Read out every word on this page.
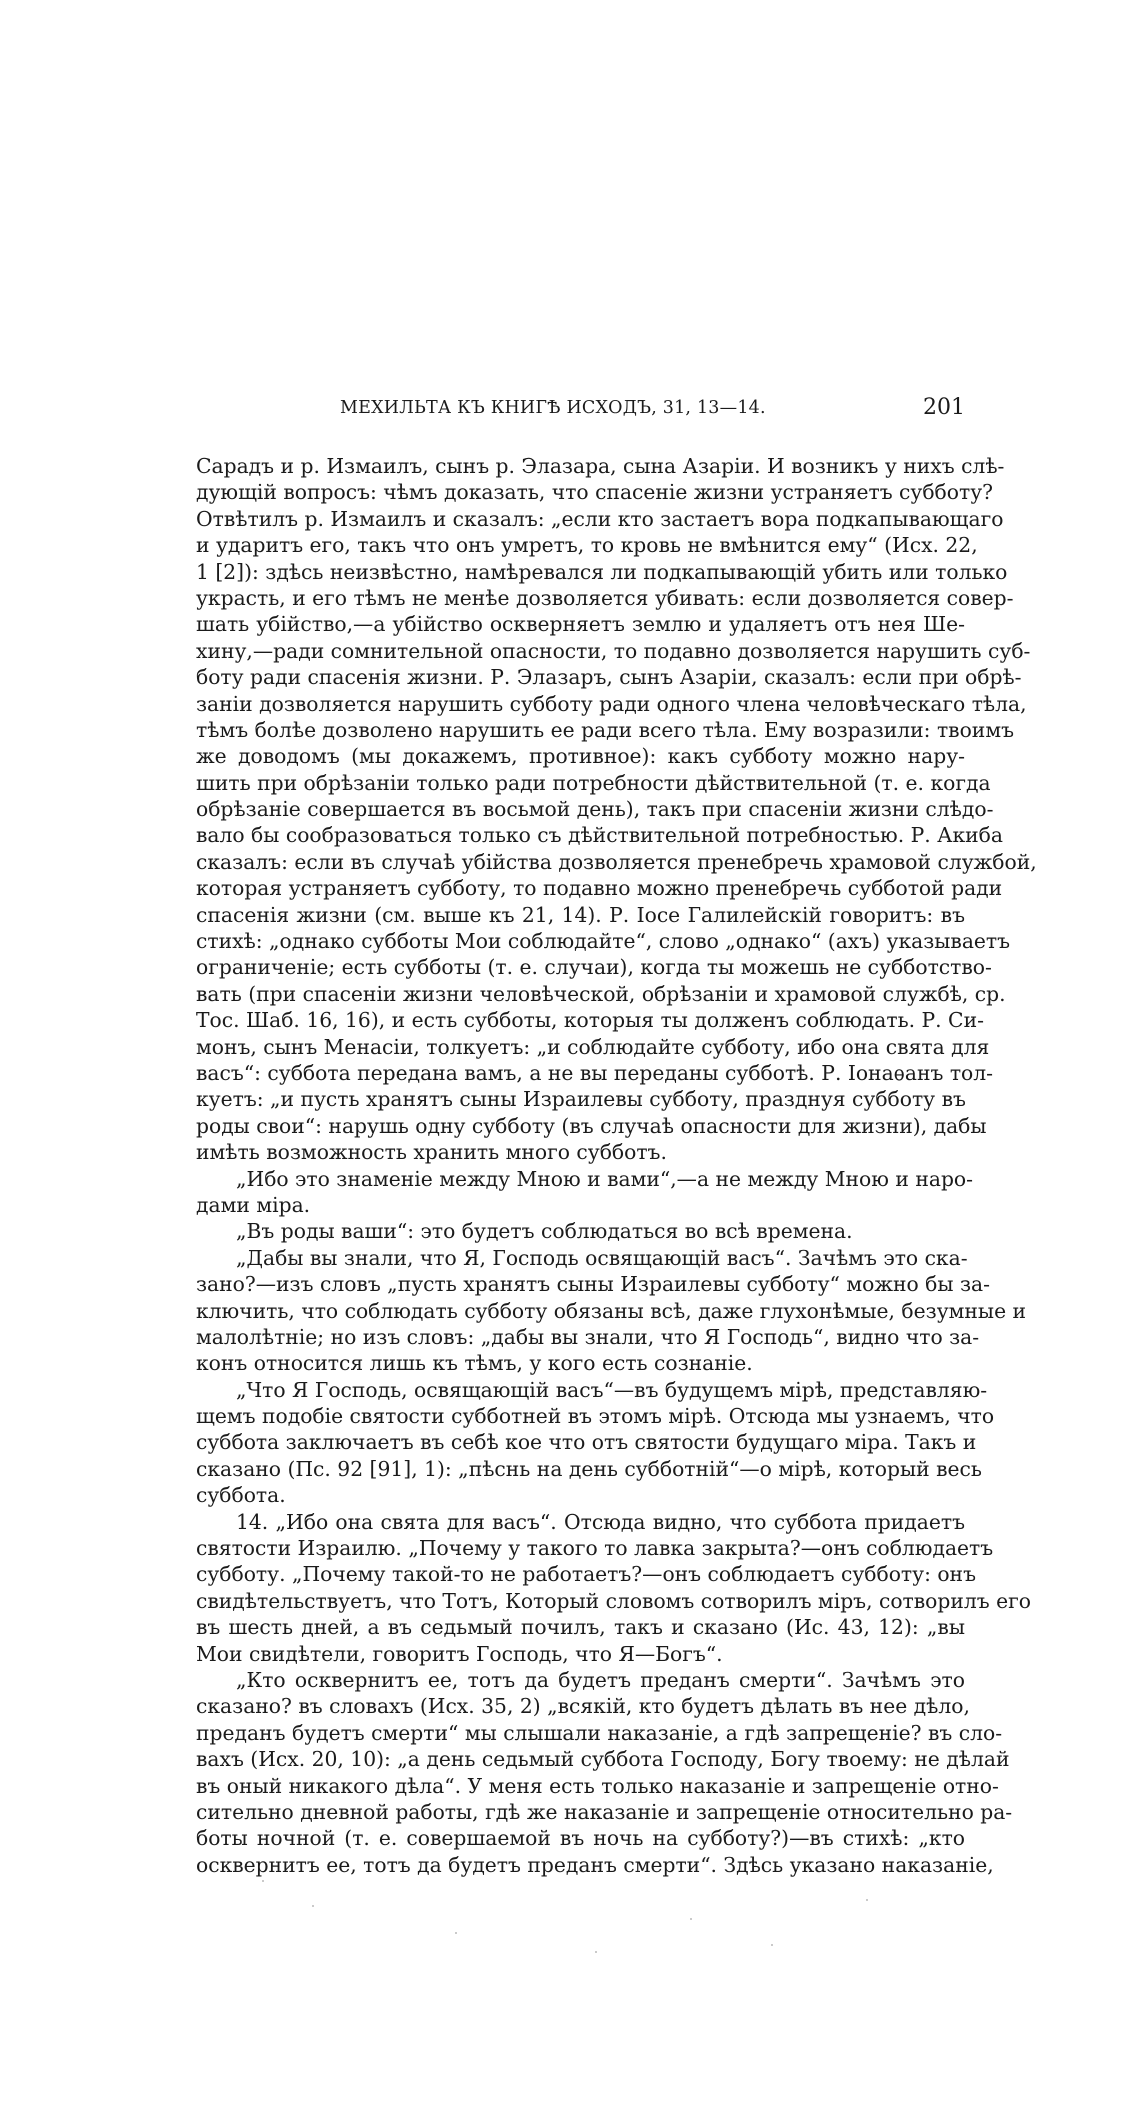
МЕХИЛЬТА КЪ КНИГѢ ИСХОДЪ, 31, 13—14.	201
Сарадъ и р. Измаилъ, сынъ р. Элазара, сына Азаріи. И возникъ у нихъ слѣ-
дующій вопросъ: чѣмъ доказать, что спасеніе жизни устраняетъ субботу?
Отвѣтилъ р. Измаилъ и сказалъ: „если кто застаетъ вора подкапывающаго
и ударитъ его, такъ что онъ умретъ, то кровь не вмѣнится ему“ (Исх. 22,
1 [2]): здѣсь неизвѣстно, намѣревался ли подкапывающій убить или только
украсть, и его тѣмъ не менѣе дозволяется убивать: если дозволяется совер-
шать убійство,—а убійство оскверняетъ землю и удаляетъ отъ нея Ше-
хину,—ради сомнительной опасности, то подавно дозволяется нарушить суб-
боту ради спасенія жизни. Р. Элазаръ, сынъ Азаріи, сказалъ: если при обрѣ-
заніи дозволяется нарушить субботу ради одного члена человѣческаго тѣла,
тѣмъ болѣе дозволено нарушить ее ради всего тѣла. Ему возразили: твоимъ
же доводомъ (мы докажемъ, противное): какъ субботу можно нару-
шить при обрѣзаніи только ради потребности дѣйствительной (т. е. когда
обрѣзаніе совершается въ восьмой день), такъ при спасеніи жизни слѣдо-
вало бы сообразоваться только съ дѣйствительной потребностью. Р. Акиба
сказалъ: если въ случаѣ убійства дозволяется пренебречь храмовой службой,
которая устраняетъ субботу, то подавно можно пренебречь субботой ради
спасенія жизни (см. выше къ 21, 14). Р. Іосе Галилейскій говоритъ: въ
стихѣ: „однако субботы Мои соблюдайте“, слово „однако“ (ахъ) указываетъ
ограниченіе; есть субботы (т. е. случаи), когда ты можешь не субботство-
вать (при спасеніи жизни человѣческой, обрѣзаніи и храмовой службѣ, ср.
Тос. Шаб. 16, 16), и есть субботы, которыя ты долженъ соблюдать. Р. Си-
монъ, сынъ Менасіи, толкуетъ: „и соблюдайте субботу, ибо она свята для
васъ“: суббота передана вамъ, а не вы переданы субботѣ. Р. Іонаѳанъ тол-
куетъ: „и пусть хранятъ сыны Израилевы субботу, празднуя субботу въ
роды свои“: нарушь одну субботу (въ случаѣ опасности для жизни), дабы
имѣть возможность хранить много субботъ.
„Ибо это знаменіе между Мною и вами“,—а не между Мною и наро-
дами міра.
„Въ роды ваши“: это будетъ соблюдаться во всѣ времена.
„Дабы вы знали, что Я, Господь освящающій васъ“. Зачѣмъ это ска-
зано?—изъ словъ „пусть хранятъ сыны Израилевы субботу“ можно бы за-
ключить, что соблюдать субботу обязаны всѣ, даже глухонѣмые, безумные и
малолѣтніе; но изъ словъ: „дабы вы знали, что Я Господь“, видно что за-
конъ относится лишь къ тѣмъ, у кого есть сознаніе.
„Что Я Господь, освящающій васъ“—въ будущемъ мірѣ, представляю-
щемъ подобіе святости субботней въ этомъ мірѣ. Отсюда мы узнаемъ, что
суббота заключаетъ въ себѣ кое что отъ святости будущаго міра. Такъ и
сказано (Пс. 92 [91], 1): „пѣснь на день субботній“—о мірѣ, который весь
суббота.
14. „Ибо она свята для васъ“. Отсюда видно, что суббота придаетъ
святости Израилю. „Почему у такого то лавка закрыта?—онъ соблюдаетъ
субботу. „Почему такой-то не работаетъ?—онъ соблюдаетъ субботу: онъ
свидѣтельствуетъ, что Тотъ, Который словомъ сотворилъ міръ, сотворилъ его
въ шесть дней, а въ седьмый почилъ, такъ и сказано (Ис. 43, 12): „вы
Мои свидѣтели, говоритъ Господь, что Я—Богъ“.
„Кто осквернитъ ее, тотъ да будетъ преданъ смерти“. Зачѣмъ это
сказано? въ словахъ (Исх. 35, 2) „всякій, кто будетъ дѣлать въ нее дѣло,
преданъ будетъ смерти“ мы слышали наказаніе, а гдѣ запрещеніе? въ сло-
вахъ (Исх. 20, 10): „а день седьмый суббота Господу, Богу твоему: не дѣлай
въ оный никакого дѣла“. У меня есть только наказаніе и запрещеніе отно-
сительно дневной работы, гдѣ же наказаніе и запрещеніе относительно ра-
боты ночной (т. е. совершаемой въ ночь на субботу?)—въ стихѣ: „кто
осквернитъ ее, тотъ да будетъ преданъ смерти“. Здѣсь указано наказаніе,
